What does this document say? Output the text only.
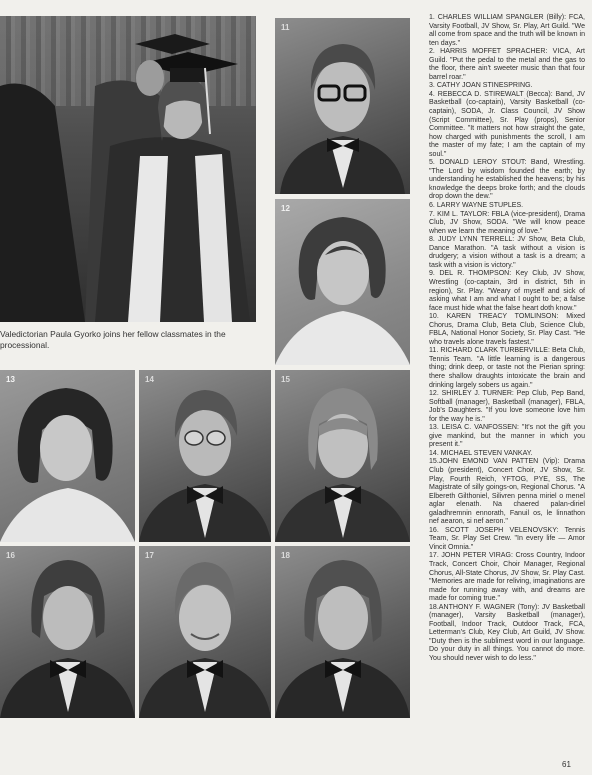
Valedictorian Paula Gyorko joins her fellow classmates in the processional.
11
12
13	14	15
16	17	18

1. CHARLES WILLIAM SPANGLER (Billy): FCA, Varsity Football, JV Show, Sr. Play, Art Guild. "We all come from space and the truth will be known in ten days."

2. HARRIS MOFFET SPRACHER: VICA, Art Guild. "Put the pedal to the metal and the gas to the floor, there ain't sweeter music than that four barrel roar."

3. CATHY JOAN STINESPRING.

4. REBECCA D. STIREWALT (Becca): Band, JV Basketball (co-captain), Varsity Basketball (co-captain), SODA, Jr. Class Council, JV Show (Script Committee), Sr. Play (props), Senior Committee. "It matters not how straight the gate, how charged with punishments the scroll, I am the master of my fate; I am the captain of my soul."

5. DONALD LEROY STOUT: Band, Wrestling. "The Lord by wisdom founded the earth; by understanding he established the heavens; by his knowledge the deeps broke forth; and the clouds drop down the dew."

6. LARRY WAYNE STUPLES.

7. KIM L. TAYLOR: FBLA (vice-president), Drama Club, JV Show, SODA. "We will know peace when we learn the meaning of love."

8. JUDY LYNN TERRELL: JV Show, Beta Club, Dance Marathon. "A task without a vision is drudgery; a vision without a task is a dream; a task with a vision is victory."

9. DEL R. THOMPSON: Key Club, JV Show, Wrestling (co-captain, 3rd in district, 5th in region), Sr. Play. "Weary of myself and sick of asking what I am and what I ought to be; a false face must hide what the false heart doth know."

10. KAREN TREACY TOMLINSON: Mixed Chorus, Drama Club, Beta Club, Science Club, FBLA, National Honor Society, Sr. Play Cast. "He who travels alone travels fastest."

11. RICHARD CLARK TURBERVILLE: Beta Club, Tennis Team. "A little learning is a dangerous thing; drink deep, or taste not the Pierian spring: there shallow draughts intoxicate the brain and drinking largely sobers us again."

12. SHIRLEY J. TURNER: Pep Club, Pep Band, Softball (manager), Basketball (manager), FBLA, Job's Daughters. "If you love someone love him for the way he is."

13. LEISA C. VANFOSSEN: "It's not the gift you give mankind, but the manner in which you present it."

14. MICHAEL STEVEN VANKAY.

15.JOHN EMOND VAN PATTEN (Vip): Drama Club (president), Concert Choir, JV Show, Sr. Play, Fourth Reich, YFTOG, PYE, SS, The Magistrate of silly goings-on, Regional Chorus. "A Elbereth Gilthoniel, Silivren penna miriel o menel aglar elenath. Na chaered palan-diriel galadhremnin ennorath, Fanuil os, le linnathon nef aearon, si nef aeron."

16. SCOTT JOSEPH VELENOVSKY: Tennis Team, Sr. Play Set Crew. "In every life — Amor Vincit Omnia."

17. JOHN PETER VIRAG: Cross Country, Indoor Track, Concert Choir, Choir Manager, Regional Chorus, All-State Chorus, JV Show, Sr. Play Cast. "Memories are made for reliving, imaginations are made for running away with, and dreams are made for coming true."

18.ANTHONY F. WAGNER (Tony): JV Basketball (manager), Varsity Basketball (manager), Football, Indoor Track, Outdoor Track, FCA, Letterman's Club, Key Club, Art Guild, JV Show. "Duty then is the sublimest word in our language. Do your duty in all things. You cannot do more. You should never wish to do less."

61
